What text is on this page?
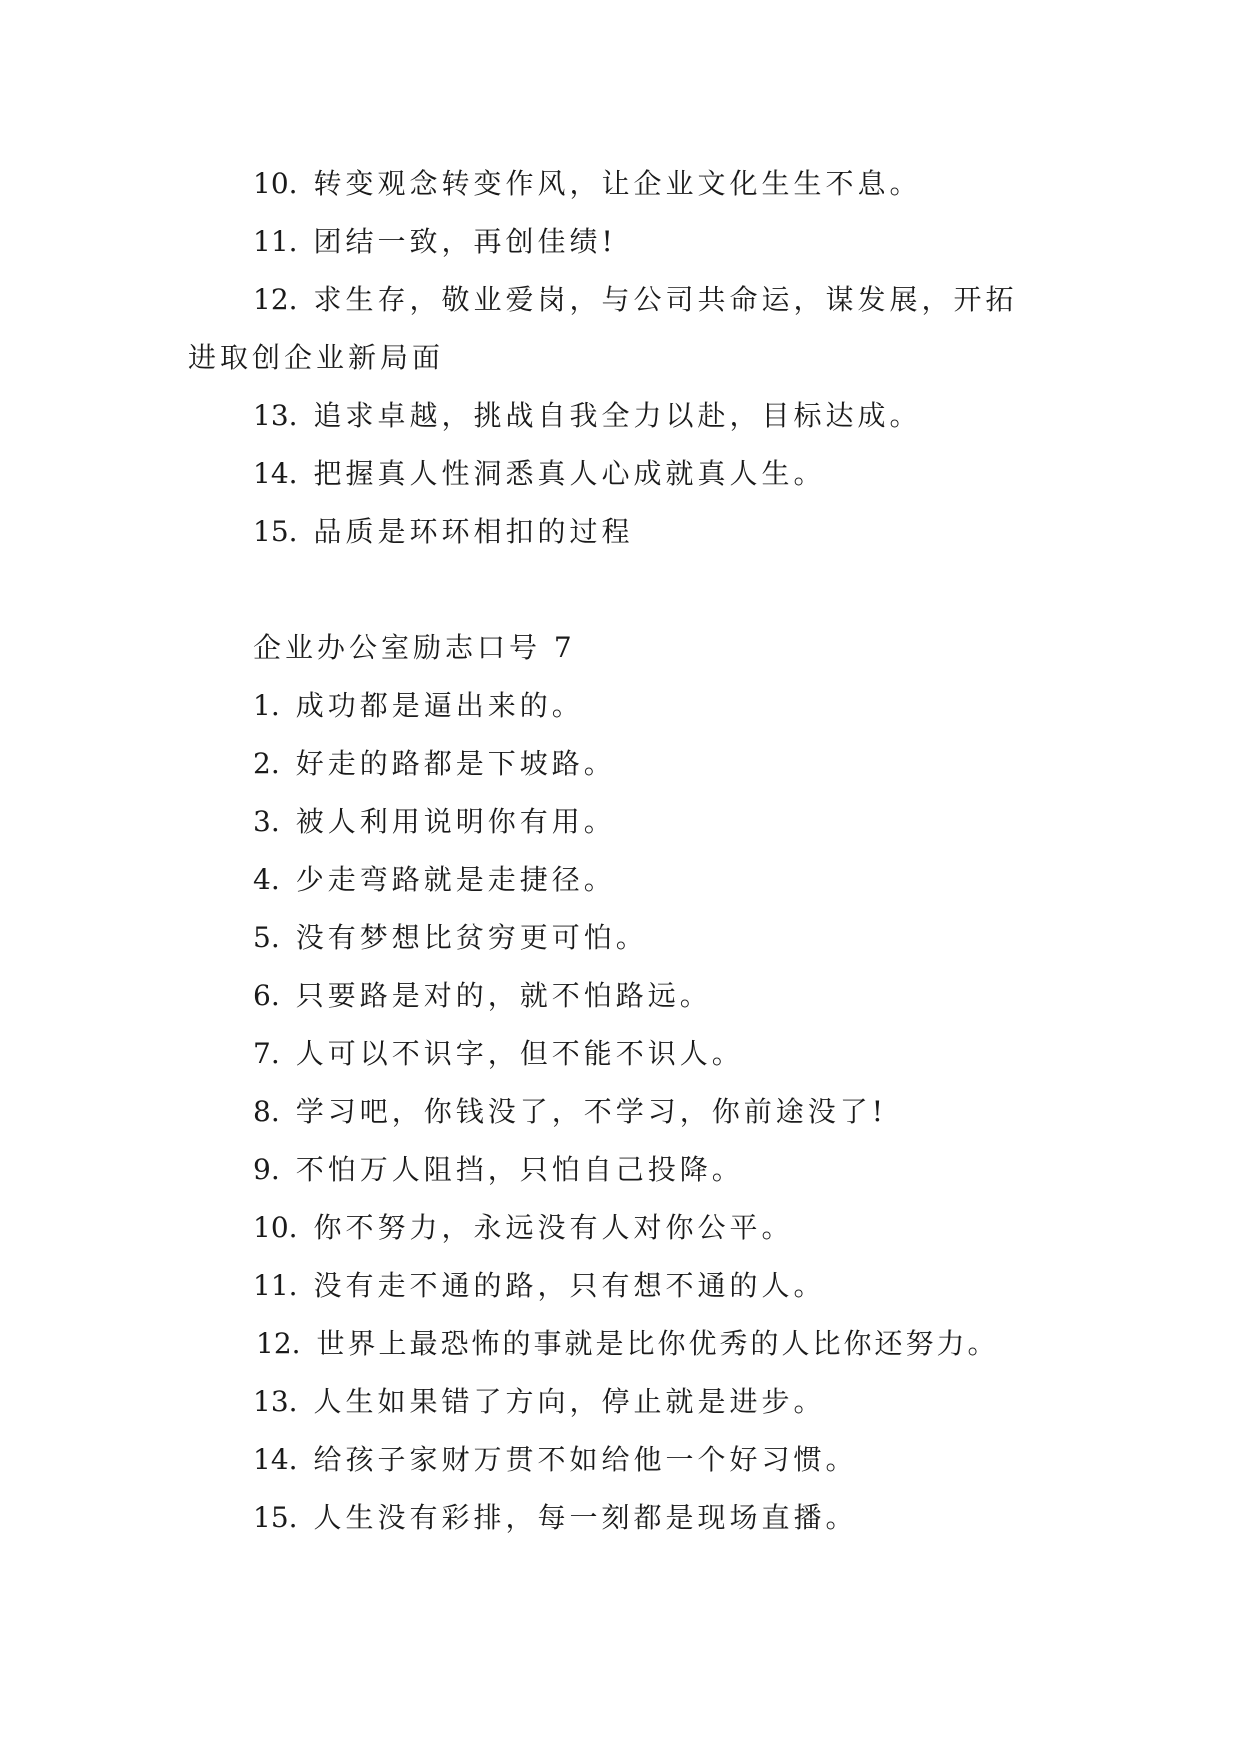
10. 转变观念转变作风，让企业文化生生不息。
11. 团结一致，再创佳绩!
12. 求生存，敬业爱岗，与公司共命运，谋发展，开拓
进取创企业新局面
13. 追求卓越，挑战自我全力以赴，目标达成。
14. 把握真人性洞悉真人心成就真人生。
15. 品质是环环相扣的过程
企业办公室励志口号 7
1. 成功都是逼出来的。
2. 好走的路都是下坡路。
3. 被人利用说明你有用。
4. 少走弯路就是走捷径。
5. 没有梦想比贫穷更可怕。
6. 只要路是对的，就不怕路远。
7. 人可以不识字，但不能不识人。
8. 学习吧，你钱没了，不学习，你前途没了!
9. 不怕万人阻挡，只怕自己投降。
10. 你不努力，永远没有人对你公平。
11. 没有走不通的路，只有想不通的人。
12. 世界上最恐怖的事就是比你优秀的人比你还努力。
13. 人生如果错了方向，停止就是进步。
14. 给孩子家财万贯不如给他一个好习惯。
15. 人生没有彩排，每一刻都是现场直播。
